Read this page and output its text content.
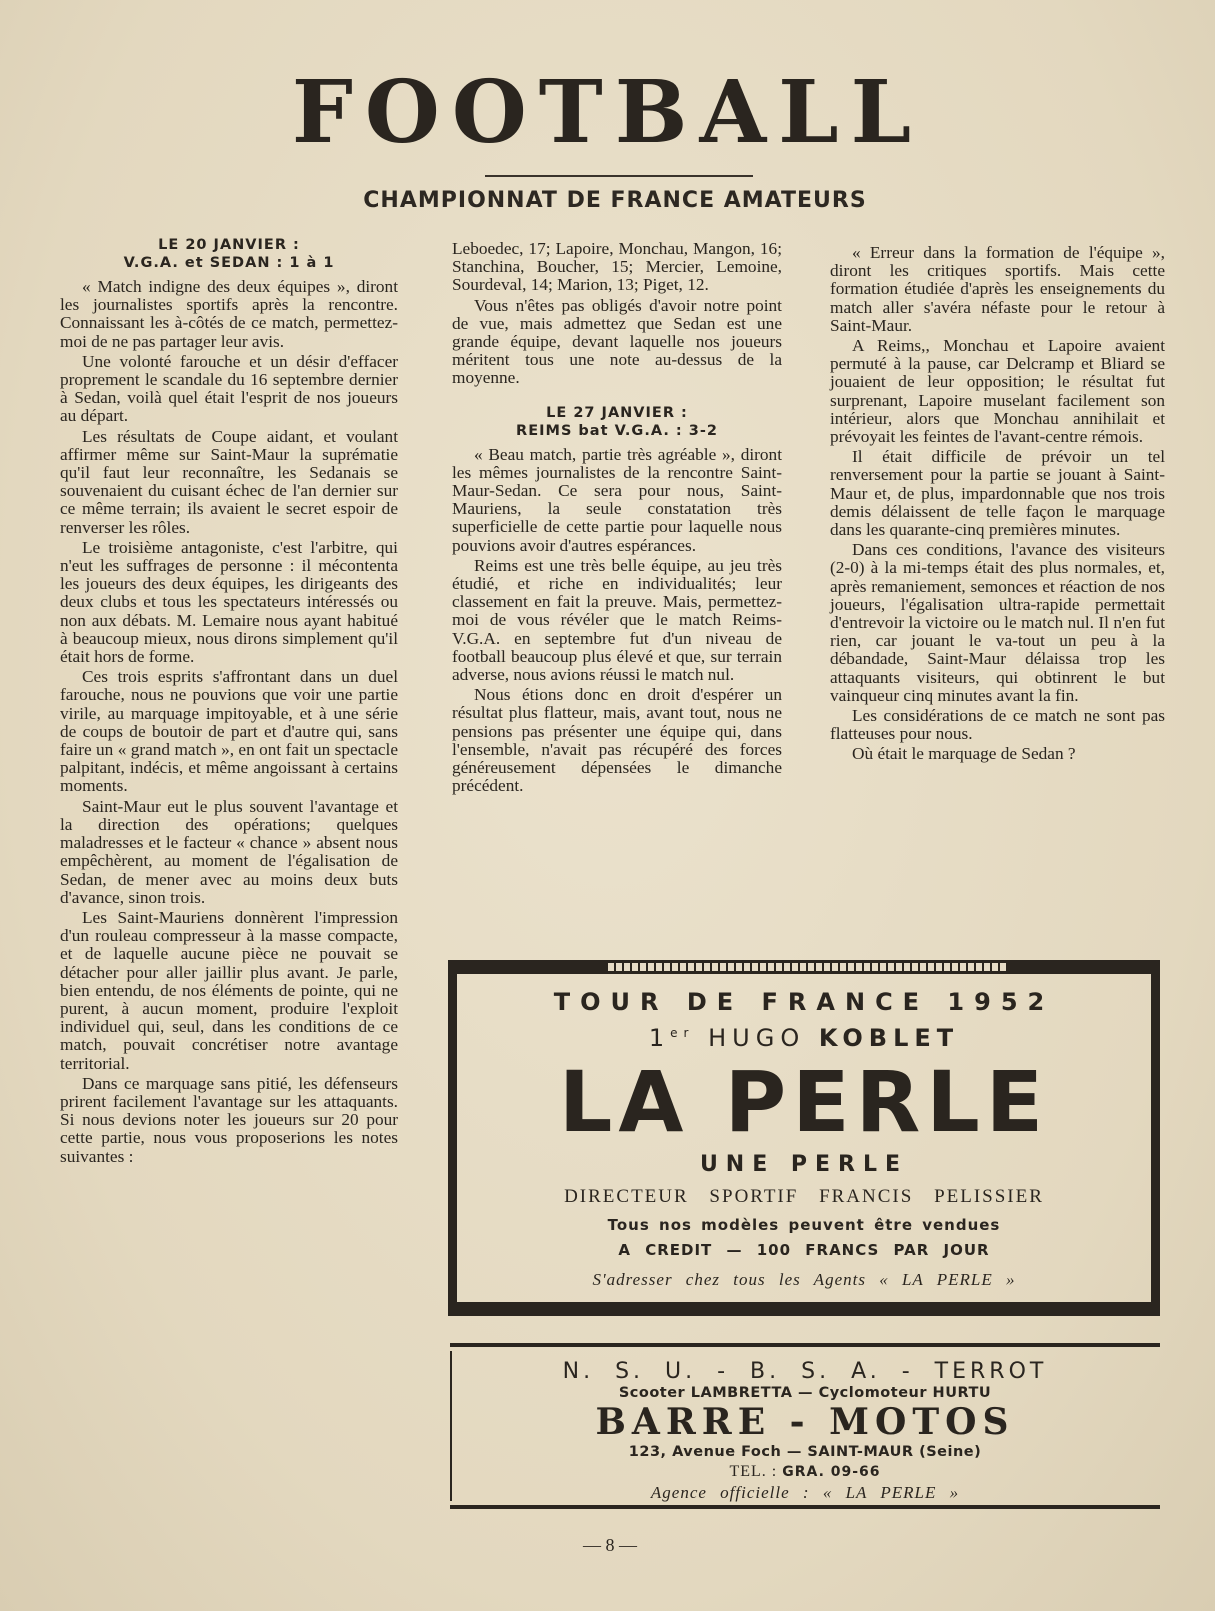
FOOTBALL
CHAMPIONNAT DE FRANCE AMATEURS
LE 20 JANVIER :
V.G.A. et SEDAN : 1 à 1

« Match indigne des deux équipes », diront les journalistes sportifs après la rencontre. Connaissant les à-côtés de ce match, permettez-moi de ne pas partager leur avis.

Une volonté farouche et un désir d'effacer proprement le scandale du 16 septembre dernier à Sedan, voilà quel était l'esprit de nos joueurs au départ.

Les résultats de Coupe aidant, et voulant affirmer même sur Saint-Maur la suprématie qu'il faut leur reconnaître, les Sedanais se souvenaient du cuisant échec de l'an dernier sur ce même terrain; ils avaient le secret espoir de renverser les rôles.

Le troisième antagoniste, c'est l'arbitre, qui n'eut les suffrages de personne : il mécontenta les joueurs des deux équipes, les dirigeants des deux clubs et tous les spectateurs intéressés ou non aux débats. M. Lemaire nous ayant habitué à beaucoup mieux, nous dirons simplement qu'il était hors de forme.

Ces trois esprits s'affrontant dans un duel farouche, nous ne pouvions que voir une partie virile, au marquage impitoyable, et à une série de coups de boutoir de part et d'autre qui, sans faire un « grand match », en ont fait un spectacle palpitant, indécis, et même angoissant à certains moments.

Saint-Maur eut le plus souvent l'avantage et la direction des opérations; quelques maladresses et le facteur « chance » absent nous empêchèrent, au moment de l'égalisation de Sedan, de mener avec au moins deux buts d'avance, sinon trois.

Les Saint-Mauriens donnèrent l'impression d'un rouleau compresseur à la masse compacte, et de laquelle aucune pièce ne pouvait se détacher pour aller jaillir plus avant. Je parle, bien entendu, de nos éléments de pointe, qui ne purent, à aucun moment, produire l'exploit individuel qui, seul, dans les conditions de ce match, pouvait concrétiser notre avantage territorial.

Dans ce marquage sans pitié, les défenseurs prirent facilement l'avantage sur les attaquants. Si nous devions noter les joueurs sur 20 pour cette partie, nous vous proposerions les notes suivantes :

Leboedec, 17; Lapoire, Monchau, Mangon, 16; Stanchina, Boucher, 15; Mercier, Lemoine, Sourdeval, 14; Marion, 13; Piget, 12.

Vous n'êtes pas obligés d'avoir notre point de vue, mais admettez que Sedan est une grande équipe, devant laquelle nos joueurs méritent tous une note au-dessus de la moyenne.

LE 27 JANVIER :
REIMS bat V.G.A. : 3-2

« Beau match, partie très agréable », diront les mêmes journalistes de la rencontre Saint-Maur-Sedan. Ce sera pour nous, Saint-Mauriens, la seule constatation très superficielle de cette partie pour laquelle nous pouvions avoir d'autres espérances.

Reims est une très belle équipe, au jeu très étudié, et riche en individualités; leur classement en fait la preuve. Mais, permettez-moi de vous révéler que le match Reims-V.G.A. en septembre fut d'un niveau de football beaucoup plus élevé et que, sur terrain adverse, nous avions réussi le match nul.

Nous étions donc en droit d'espérer un résultat plus flatteur, mais, avant tout, nous ne pensions pas présenter une équipe qui, dans l'ensemble, n'avait pas récupéré des forces généreusement dépensées le dimanche précédent.

« Erreur dans la formation de l'équipe », diront les critiques sportifs. Mais cette formation étudiée d'après les enseignements du match aller s'avéra néfaste pour le retour à Saint-Maur.

A Reims,, Monchau et Lapoire avaient permuté à la pause, car Delcramp et Bliard se jouaient de leur opposition; le résultat fut surprenant, Lapoire muselant facilement son intérieur, alors que Monchau annihilait et prévoyait les feintes de l'avant-centre rémois.

Il était difficile de prévoir un tel renversement pour la partie se jouant à Saint-Maur et, de plus, impardonnable que nos trois demis délaissent de telle façon le marquage dans les quarante-cinq premières minutes.

Dans ces conditions, l'avance des visiteurs (2-0) à la mi-temps était des plus normales, et, après remaniement, semonces et réaction de nos joueurs, l'égalisation ultra-rapide permettait d'entrevoir la victoire ou le match nul. Il n'en fut rien, car jouant le va-tout un peu à la débandade, Saint-Maur délaissa trop les attaquants visiteurs, qui obtinrent le but vainqueur cinq minutes avant la fin.

Les considérations de ce match ne sont pas flatteuses pour nous.

Où était le marquage de Sedan ?

TOUR DE FRANCE 1952
1er HUGO KOBLET
LA PERLE
UNE PERLE
DIRECTEUR SPORTIF FRANCIS PELISSIER
Tous nos modèles peuvent être vendues
A CREDIT — 100 FRANCS PAR JOUR
S'adresser chez tous les Agents « LA PERLE »
N. S. U. - B. S. A. - TERROT
Scooter LAMBRETTA — Cyclomoteur HURTU
BARRE - MOTOS
123, Avenue Foch — SAINT-MAUR (Seine)
TEL. : GRA. 09-66
Agence officielle : « LA PERLE »
— 8 —
